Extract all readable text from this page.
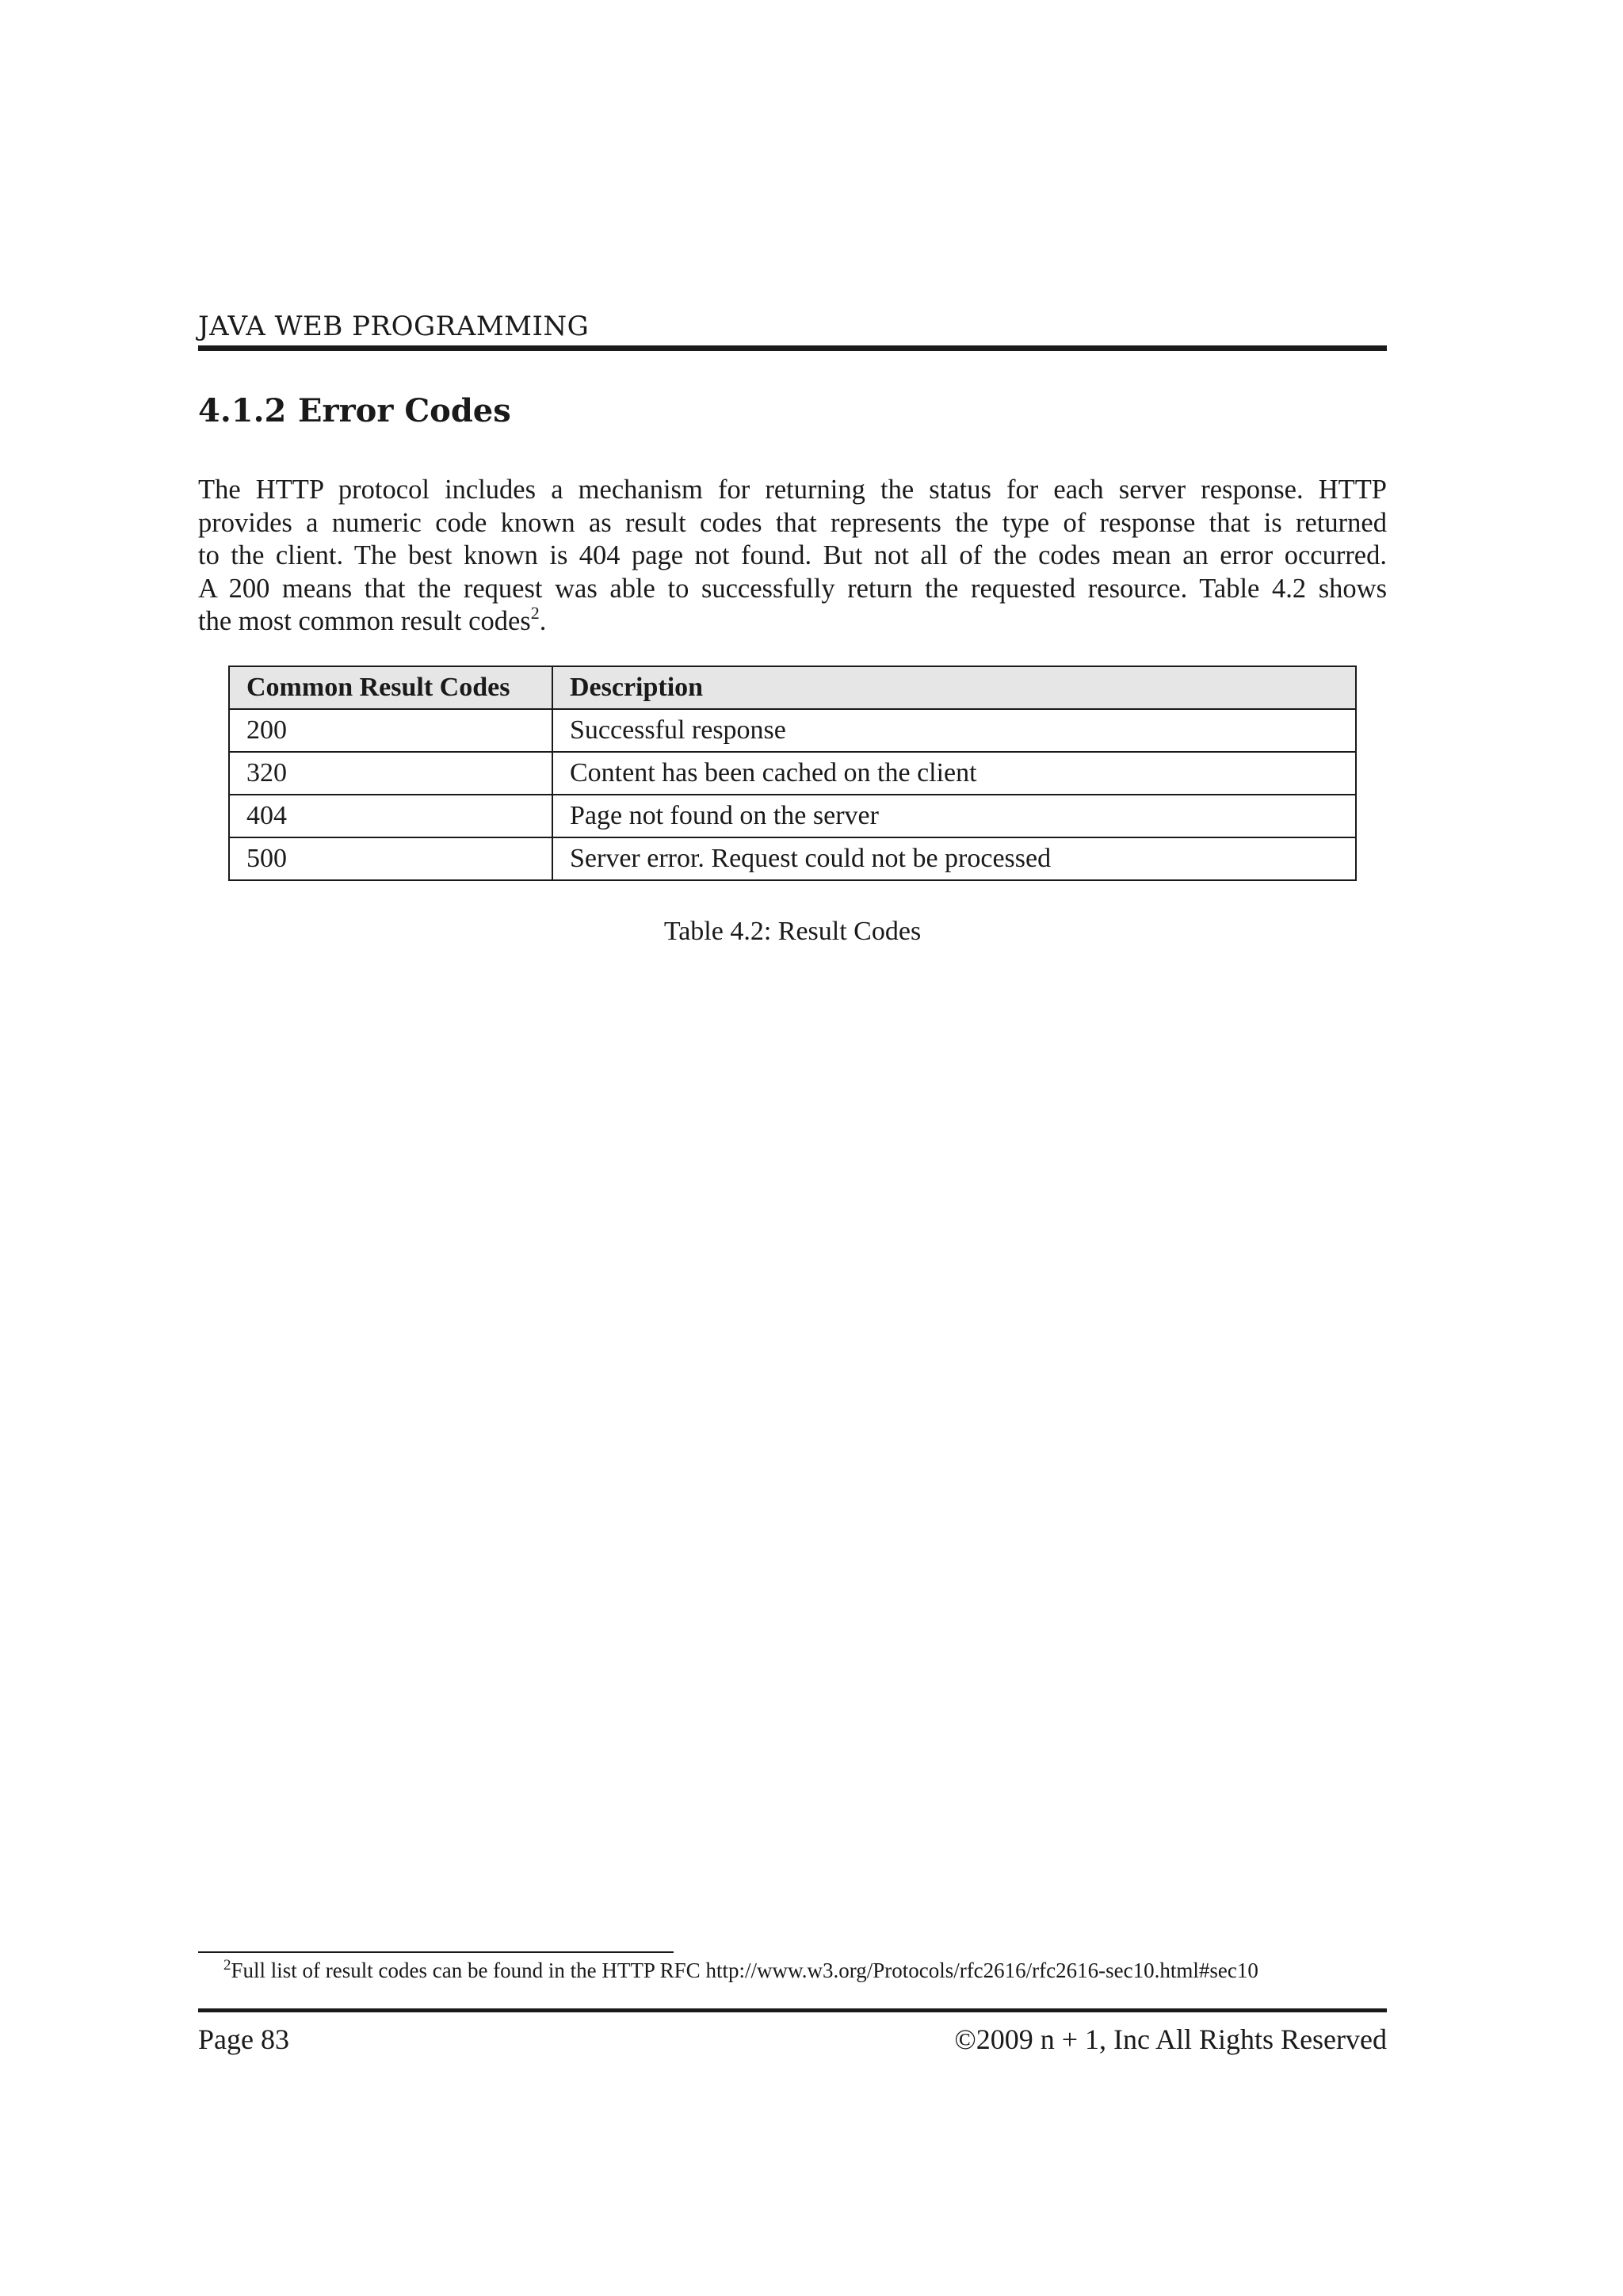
JAVA WEB PROGRAMMING
4.1.2 Error Codes
The HTTP protocol includes a mechanism for returning the status for each server response. HTTP
provides a numeric code known as result codes that represents the type of response that is returned
to the client. The best known is 404 page not found. But not all of the codes mean an error occurred.
A 200 means that the request was able to successfully return the requested resource. Table 4.2 shows
the most common result codes$^2$.
Common Result Codes	Description
200	Successful response
320	Content has been cached on the client
404	Page not found on the server
500	Server error. Request could not be processed
Table 4.2: Result Codes
$^2$Full list of result codes can be found in the HTTP RFC http://www.w3.org/Protocols/rfc2616/rfc2616-sec10.html#sec10
Page 83	©2009 n + 1, Inc All Rights Reserved
